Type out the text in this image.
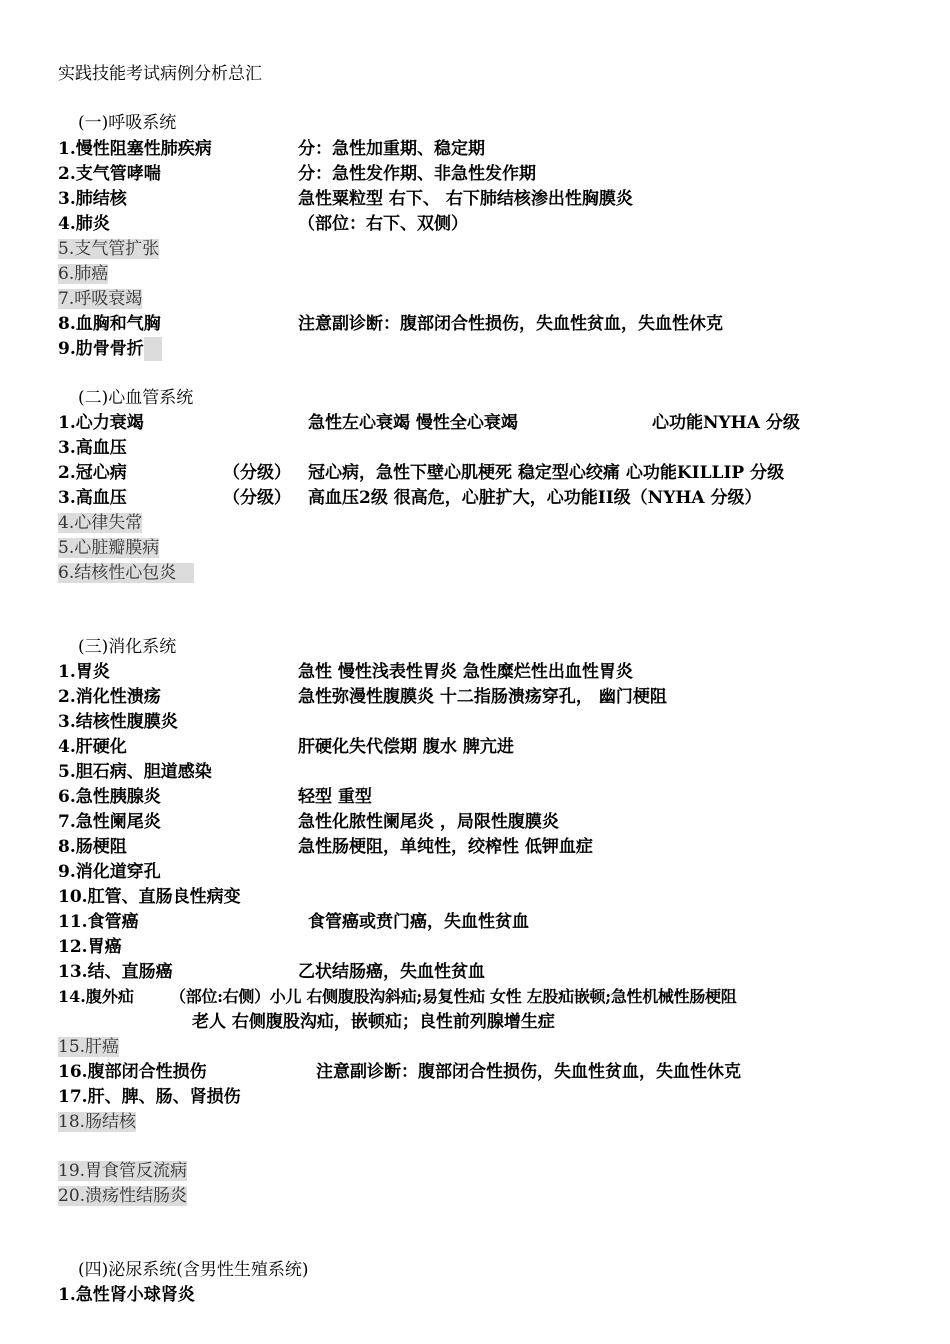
实践技能考试病例分析总汇
(一)呼吸系统
1.慢性阻塞性肺疾病	分：急性加重期、稳定期
2.支气管哮喘	分：急性发作期、非急性发作期
3.肺结核	急性粟粒型 右下、 右下肺结核渗出性胸膜炎
4.肺炎	（部位：右下、双侧）
5.支气管扩张
6.肺癌
7.呼吸衰竭
8.血胸和气胸	注意副诊断：腹部闭合性损伤，失血性贫血，失血性休克
9.肋骨骨折
(二)心血管系统
1.心力衰竭	急性左心衰竭 慢性全心衰竭	心功能NYHA 分级
3.高血压
2.冠心病	（分级） 冠心病，急性下壁心肌梗死 稳定型心绞痛 心功能KILLIP 分级
3.高血压	（分级） 高血压2级 很高危，心脏扩大，心功能II级（NYHA 分级）
4.心律失常
5.心脏瓣膜病
6.结核性心包炎
(三)消化系统
1.胃炎	急性 慢性浅表性胃炎 急性糜烂性出血性胃炎
2.消化性溃疡	急性弥漫性腹膜炎 十二指肠溃疡穿孔， 幽门梗阻
3.结核性腹膜炎
4.肝硬化	肝硬化失代偿期 腹水 脾亢进
5.胆石病、胆道感染
6.急性胰腺炎	轻型 重型
7.急性阑尾炎	急性化脓性阑尾炎 ，局限性腹膜炎
8.肠梗阻	急性肠梗阻，单纯性，绞榨性 低钾血症
9.消化道穿孔
10.肛管、直肠良性病变
11.食管癌	食管癌或贲门癌，失血性贫血
12.胃癌
13.结、直肠癌	乙状结肠癌，失血性贫血
14.腹外疝 （部位:右侧）小儿 右侧腹股沟斜疝;易复性疝 女性 左股疝嵌顿;急性机械性肠梗阻
老人 右侧腹股沟疝，嵌顿疝；良性前列腺增生症
15.肝癌
16.腹部闭合性损伤	注意副诊断：腹部闭合性损伤，失血性贫血，失血性休克
17.肝、脾、肠、肾损伤
18.肠结核
19.胃食管反流病
20.溃疡性结肠炎
(四)泌尿系统(含男性生殖系统)
1.急性肾小球肾炎
